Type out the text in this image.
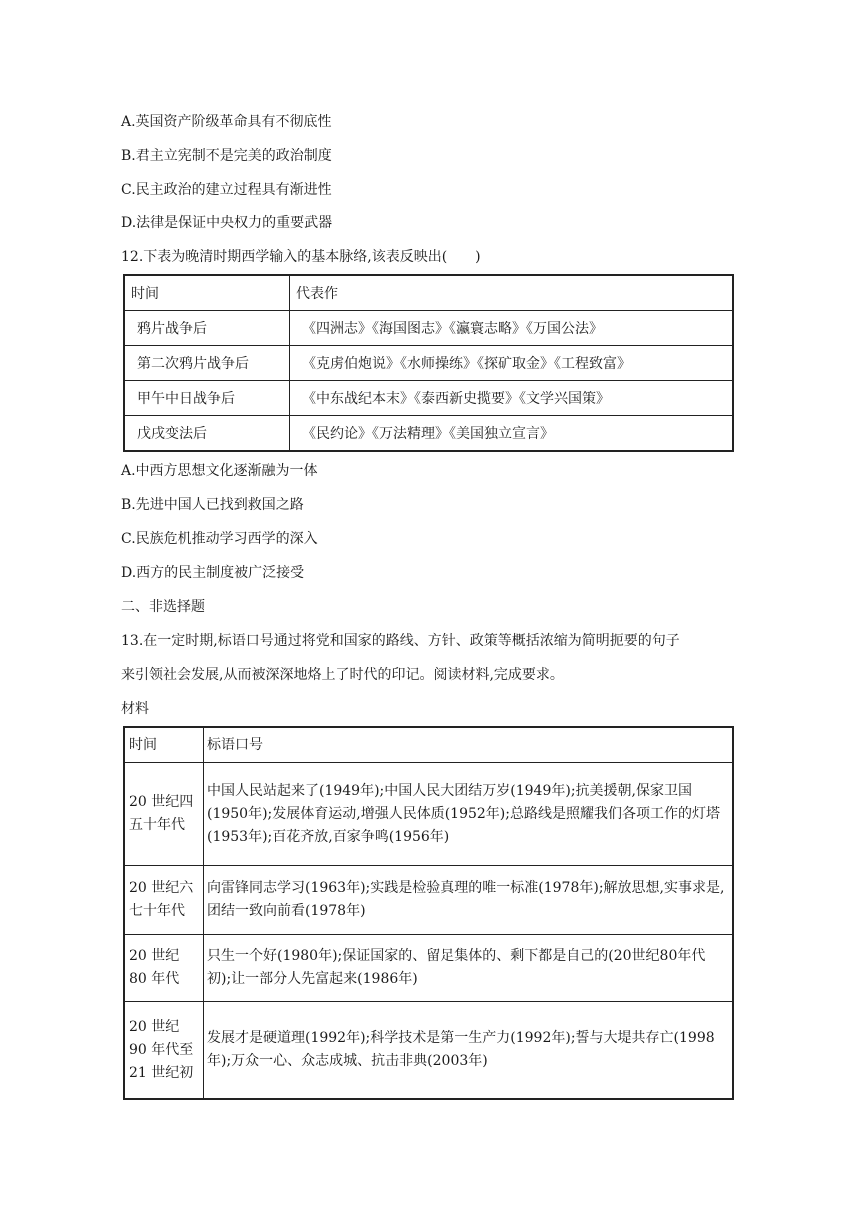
A.英国资产阶级革命具有不彻底性
B.君主立宪制不是完美的政治制度
C.民主政治的建立过程具有渐进性
D.法律是保证中央权力的重要武器
12.下表为晚清时期西学输入的基本脉络,该表反映出(　　)
时间	代表作
鸦片战争后	《四洲志》《海国图志》《瀛寰志略》《万国公法》
第二次鸦片战争后	《克虏伯炮说》《水师操练》《探矿取金》《工程致富》
甲午中日战争后	《中东战纪本末》《泰西新史揽要》《文学兴国策》
戊戌变法后	《民约论》《万法精理》《美国独立宣言》
A.中西方思想文化逐渐融为一体
B.先进中国人已找到救国之路
C.民族危机推动学习西学的深入
D.西方的民主制度被广泛接受
二、非选择题
13.在一定时期,标语口号通过将党和国家的路线、方针、政策等概括浓缩为简明扼要的句子
来引领社会发展,从而被深深地烙上了时代的印记。阅读材料,完成要求。
材料
时间	标语口号
20 世纪四五十年代	中国人民站起来了(1949年);中国人民大团结万岁(1949年);抗美援朝,保家卫国(1950年);发展体育运动,增强人民体质(1952年);总路线是照耀我们各项工作的灯塔(1953年);百花齐放,百家争鸣(1956年)
20 世纪六七十年代	向雷锋同志学习(1963年);实践是检验真理的唯一标准(1978年);解放思想,实事求是,团结一致向前看(1978年)
20 世纪 80 年代	只生一个好(1980年);保证国家的、留足集体的、剩下都是自己的(20世纪80年代初);让一部分人先富起来(1986年)
20 世纪 90 年代至 21 世纪初	发展才是硬道理(1992年);科学技术是第一生产力(1992年);誓与大堤共存亡(1998年);万众一心、众志成城、抗击非典(2003年)
